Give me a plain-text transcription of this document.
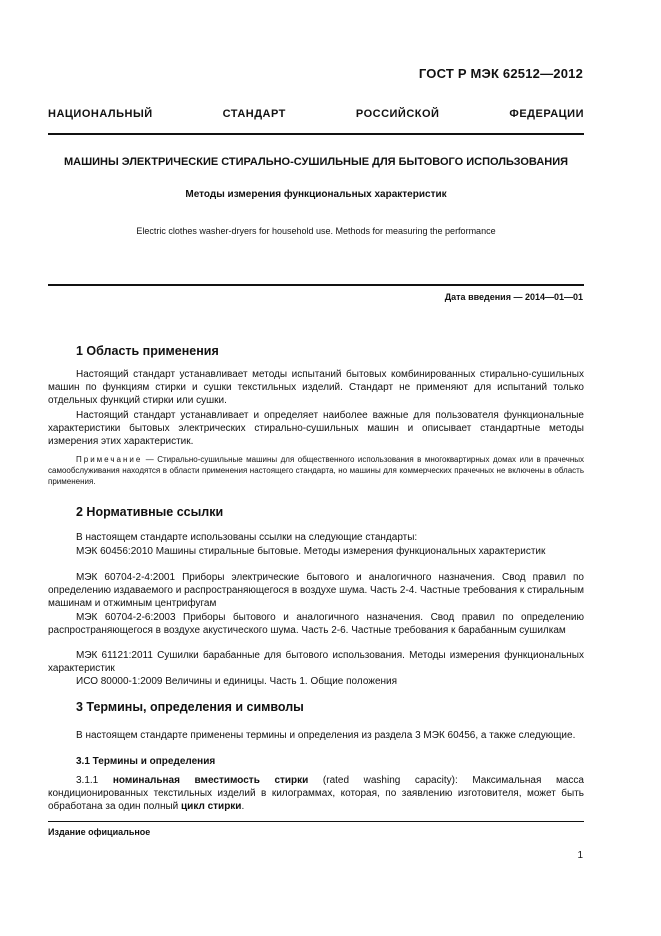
ГОСТ Р МЭК 62512—2012
НАЦИОНАЛЬНЫЙ СТАНДАРТ РОССИЙСКОЙ ФЕДЕРАЦИИ
МАШИНЫ ЭЛЕКТРИЧЕСКИЕ СТИРАЛЬНО-СУШИЛЬНЫЕ ДЛЯ БЫТОВОГО ИСПОЛЬЗОВАНИЯ
Методы измерения функциональных характеристик
Electric clothes washer-dryers for household use. Methods for measuring the performance
Дата введения — 2014—01—01
1 Область применения
Настоящий стандарт устанавливает методы испытаний бытовых комбинированных стирально-сушильных машин по функциям стирки и сушки текстильных изделий. Стандарт не применяют для испытаний только отдельных функций стирки или сушки.
Настоящий стандарт устанавливает и определяет наиболее важные для пользователя функциональные характеристики бытовых электрических стирально-сушильных машин и описывает стандартные методы измерения этих характеристик.
Примечание — Стирально-сушильные машины для общественного использования в многоквартирных домах или в прачечных самообслуживания находятся в области применения настоящего стандарта, но машины для коммерческих прачечных не включены в область применения.
2 Нормативные ссылки
В настоящем стандарте использованы ссылки на следующие стандарты:
МЭК 60456:2010 Машины стиральные бытовые. Методы измерения функциональных характеристик
МЭК 60704-2-4:2001 Приборы электрические бытового и аналогичного назначения. Свод правил по определению издаваемого и распространяющегося в воздухе шума. Часть 2-4. Частные требования к стиральным машинам и отжимным центрифугам
МЭК 60704-2-6:2003 Приборы бытового и аналогичного назначения. Свод правил по определению распространяющегося в воздухе акустического шума. Часть 2-6. Частные требования к барабанным сушилкам
МЭК 61121:2011 Сушилки барабанные для бытового использования. Методы измерения функциональных характеристик
ИСО 80000-1:2009 Величины и единицы. Часть 1. Общие положения
3 Термины, определения и символы
В настоящем стандарте применены термины и определения из раздела 3 МЭК 60456, а также следующие.
3.1 Термины и определения
3.1.1 номинальная вместимость стирки (rated washing capacity): Максимальная масса кондиционированных текстильных изделий в килограммах, которая, по заявлению изготовителя, может быть обработана за один полный цикл стирки.
Издание официальное
1
